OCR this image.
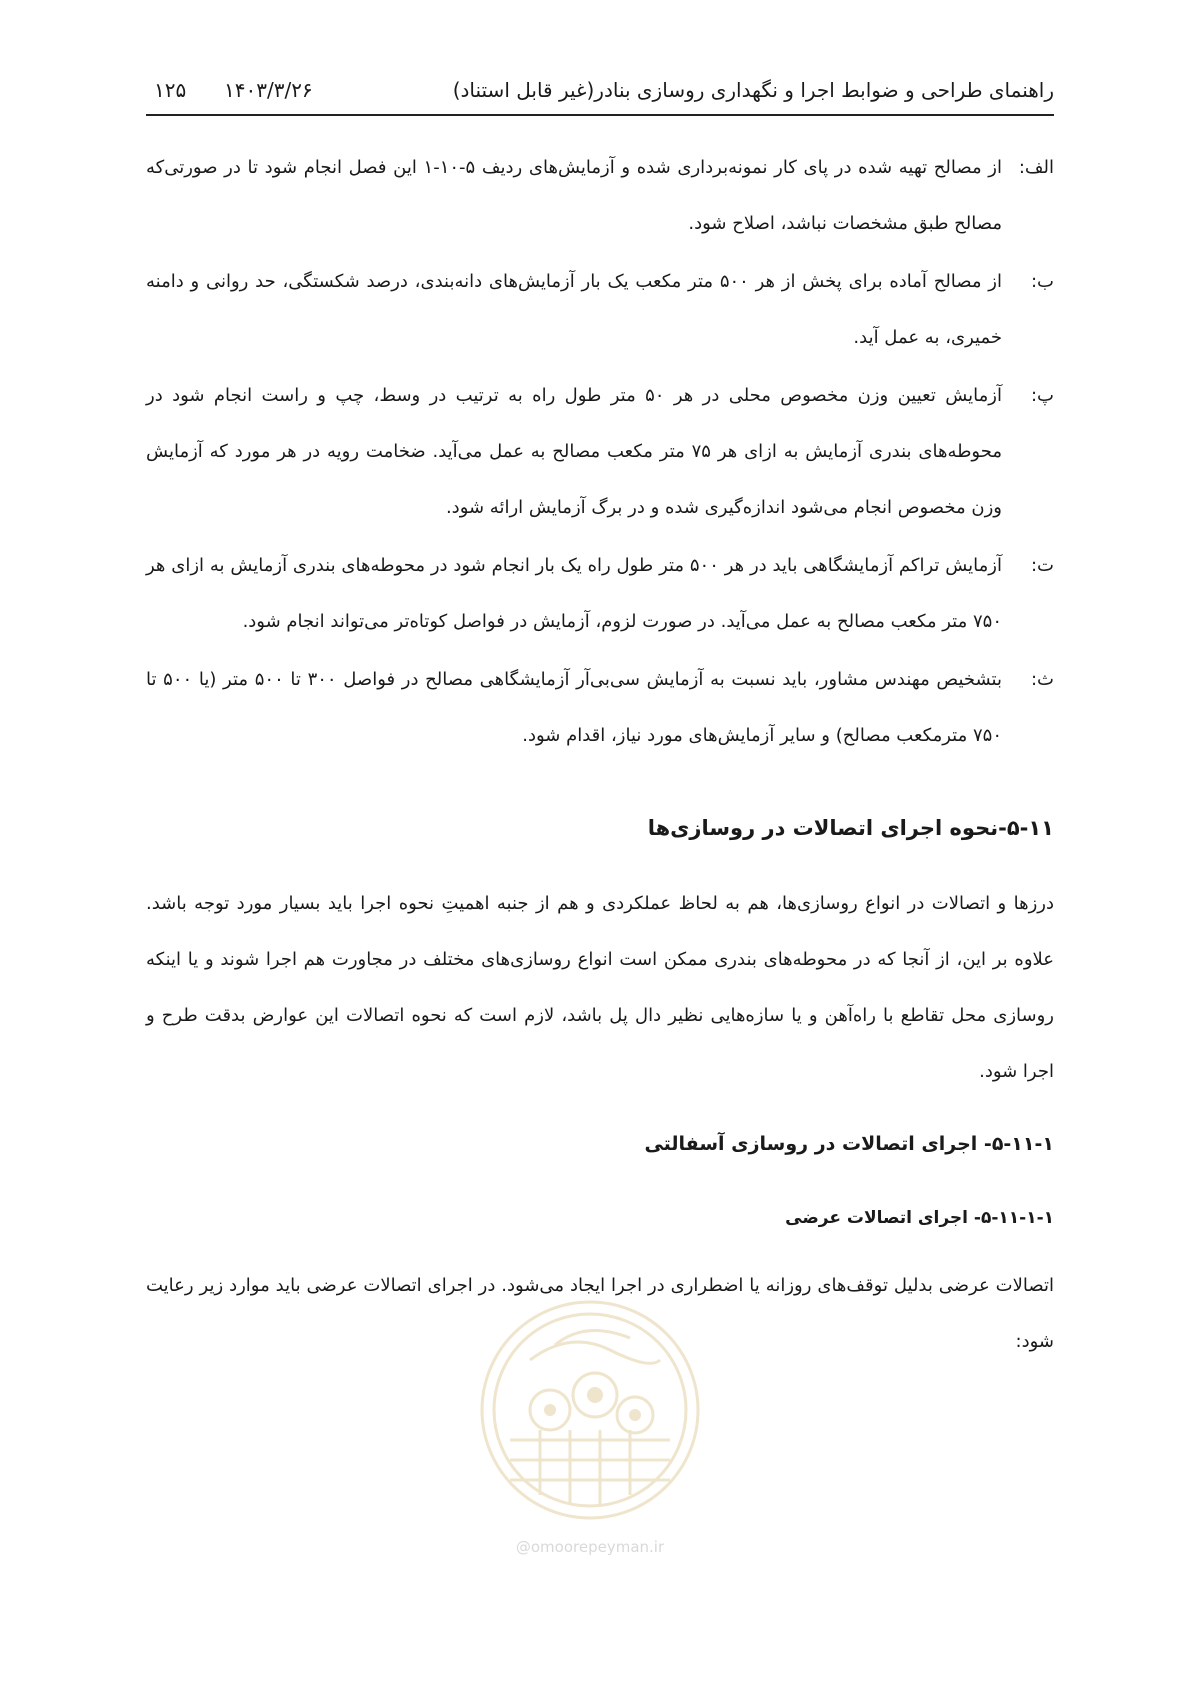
راهنمای طراحی و ضوابط اجرا و نگهداری روسازی بنادر(غیر قابل استناد)
۱۴۰۳/۳/۲۶
۱۲۵
الف:
از مصالح تهیه شده در پای کار نمونه‌برداری شده و آزمایش‌های ردیف ۵-۱۰-۱ این فصل انجام شود تا در صورتی‌که مصالح طبق مشخصات نباشد، اصلاح شود.
ب:
از مصالح آماده برای پخش از هر ۵۰۰ متر مکعب یک بار آزمایش‌های دانه‌بندی، درصد شکستگی، حد روانی و دامنه خمیری، به عمل آید.
پ:
آزمایش تعیین وزن مخصوص محلی در هر ۵۰ متر طول راه به ترتیب در وسط، چپ و راست انجام شود در محوطه‌های بندری آزمایش به ازای هر ۷۵ متر مکعب مصالح به عمل می‌آید. ضخامت رویه در هر مورد که آزمایش وزن مخصوص انجام می‌شود اندازه‌گیری شده و در برگ آزمایش ارائه شود.
ت:
آزمایش تراکم آزمایشگاهی باید در هر ۵۰۰ متر طول راه یک بار انجام شود در محوطه‌های بندری آزمایش به ازای هر ۷۵۰ متر مکعب مصالح به عمل می‌آید. در صورت لزوم، آزمایش در فواصل کوتاه‌تر می‌تواند انجام شود.
ث:
بتشخیص مهندس مشاور، باید نسبت به آزمایش سی‌بی‌آر آزمایشگاهی مصالح در فواصل ۳۰۰ تا ۵۰۰ متر (یا ۵۰۰ تا ۷۵۰ مترمکعب مصالح) و سایر آزمایش‌های مورد نیاز، اقدام شود.
۵-۱۱-نحوه اجرای اتصالات در روسازی‌ها

درزها و اتصالات در انواع روسازی‌ها، هم به لحاظ عملکردی و هم از جنبه اهمیتِ نحوه اجرا باید بسیار مورد توجه باشد. علاوه بر این، از آنجا که در محوطه‌های بندری ممکن است انواع روسازی‌های مختلف در مجاورت هم اجرا شوند و یا اینکه روسازی محل تقاطع با راه‌آهن و یا سازه‌هایی نظیر دال پل باشد، لازم است که نحوه اتصالات این عوارض بدقت طرح و اجرا شود.

۵-۱۱-۱- اجرای اتصالات در روسازی آسفالتی
۵-۱۱-۱-۱- اجرای اتصالات عرضی

اتصالات عرضی بدلیل توقف‌های روزانه یا اضطراری در اجرا ایجاد می‌شود. در اجرای اتصالات عرضی باید موارد زیر رعایت شود:

@omoorepeyman.ir
